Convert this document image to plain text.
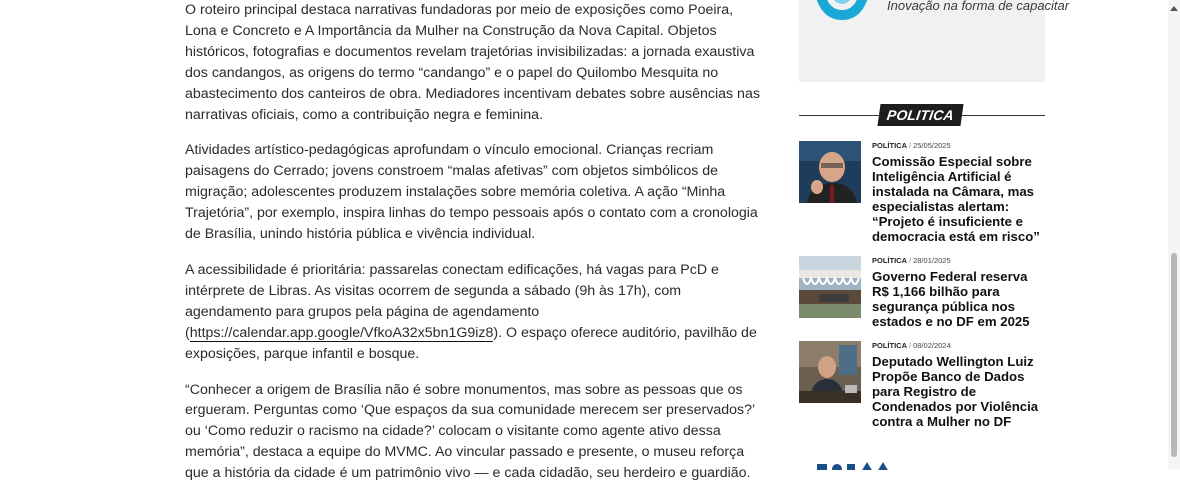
O roteiro principal destaca narrativas fundadoras por meio de exposições como Poeira, Lona e Concreto e A Importância da Mulher na Construção da Nova Capital. Objetos históricos, fotografias e documentos revelam trajetórias invisibilizadas: a jornada exaustiva dos candangos, as origens do termo “candango” e o papel do Quilombo Mesquita no abastecimento dos canteiros de obra. Mediadores incentivam debates sobre ausências nas narrativas oficiais, como a contribuição negra e feminina.

Atividades artístico-pedagógicas aprofundam o vínculo emocional. Crianças recriam paisagens do Cerrado; jovens constroem “malas afetivas” com objetos simbólicos de migração; adolescentes produzem instalações sobre memória coletiva. A ação “Minha Trajetória”, por exemplo, inspira linhas do tempo pessoais após o contato com a cronologia de Brasília, unindo história pública e vivência individual.

A acessibilidade é prioritária: passarelas conectam edificações, há vagas para PcD e intérprete de Libras. As visitas ocorrem de segunda a sábado (9h às 17h), com agendamento para grupos pela página de agendamento (https://calendar.app.google/VfkoA32x5bn1G9iz8). O espaço oferece auditório, pavilhão de exposições, parque infantil e bosque.

“Conhecer a origem de Brasília não é sobre monumentos, mas sobre as pessoas que os ergueram. Perguntas como ‘Que espaços da sua comunidade merecem ser preservados?’ ou ‘Como reduzir o racismo na cidade?’ colocam o visitante como agente ativo dessa memória”, destaca a equipe do MVMC. Ao vincular passado e presente, o museu reforça que a história da cidade é um patrimônio vivo — e cada cidadão, seu herdeiro e guardião.

Inovação na forma de capacitar
POLITICA
POLÍTICA / 25/05/2025
Comissão Especial sobre Inteligência Artificial é instalada na Câmara, mas especialistas alertam: “Projeto é insuficiente e democracia está em risco”
POLÍTICA / 28/01/2025
Governo Federal reserva R$ 1,166 bilhão para segurança pública nos estados e no DF em 2025
POLÍTICA / 08/02/2024
Deputado Wellington Luiz Propõe Banco de Dados para Registro de Condenados por Violência contra a Mulher no DF
